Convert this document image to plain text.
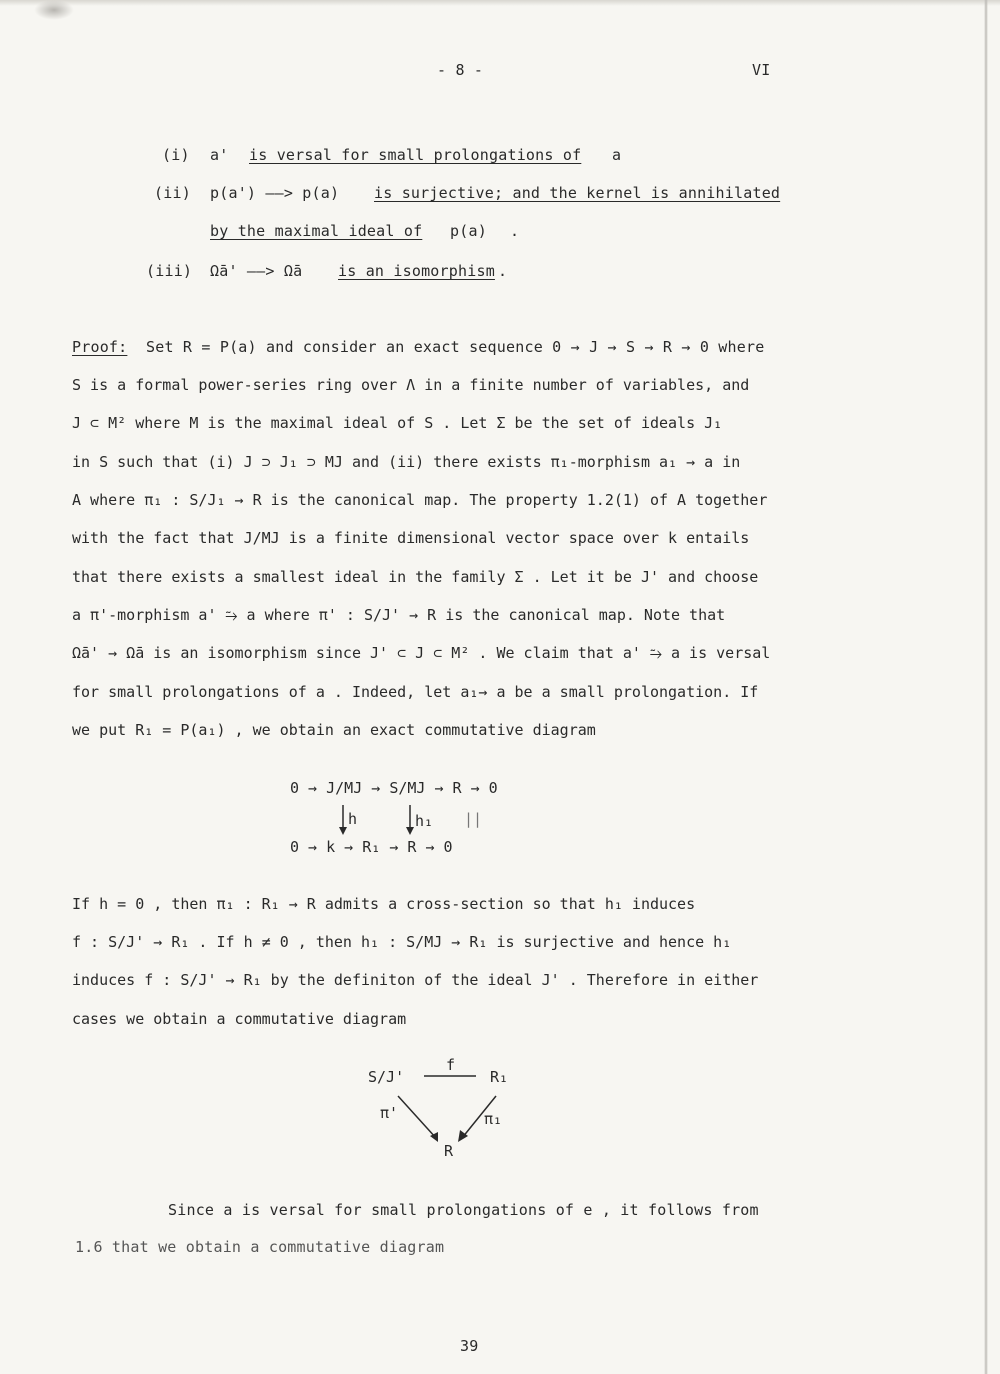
- 8 -	VI
(i) a' is versal for small prolongations of a
(ii) p(a') ——> p(a) is surjective; and the kernel is annihilated
by the maximal ideal of p(a) .
(iii) Ω̄a' ——> Ω̄a is an isomorphism .
Proof: Set R = P(a) and consider an exact sequence 0 → J → S → R → 0 where
S is a formal power-series ring over Λ in a finite number of variables, and
J ⊂ M² where M is the maximal ideal of S . Let Σ be the set of ideals J₁
in S such that (i) J ⊃ J₁ ⊃ MJ and (ii) there exists π₁-morphism a₁ → a in
A where π₁ : S/J₁ → R is the canonical map. The property 1.2(1) of A together
with the fact that J/MJ is a finite dimensional vector space over k entails
that there exists a smallest ideal in the family Σ . Let it be J' and choose
a π'-morphism a' ⥲ a where π' : S/J' → R is the canonical map. Note that
Ω̄a' → Ω̄a is an isomorphism since J' ⊂ J ⊂ M² . We claim that a' ⥲ a is versal
for small prolongations of a . Indeed, let a₁→ a be a small prolongation. If
we put R₁ = P(a₁) , we obtain an exact commutative diagram
0 → J/MJ → S/MJ → R → 0
h	h₁ ||
0 → k → R₁ → R → 0
If h = 0 , then π₁ : R₁ → R admits a cross-section so that h₁ induces
f : S/J' → R₁ . If h ≠ 0 , then h₁ : S/MJ → R₁ is surjective and hence h₁
induces f : S/J' → R₁ by the definiton of the ideal J' . Therefore in either
cases we obtain a commutative diagram
S/J'
f
R₁
π'	π₁
R
Since a is versal for small prolongations of e , it follows from
1.6 that we obtain a commutative diagram
39
